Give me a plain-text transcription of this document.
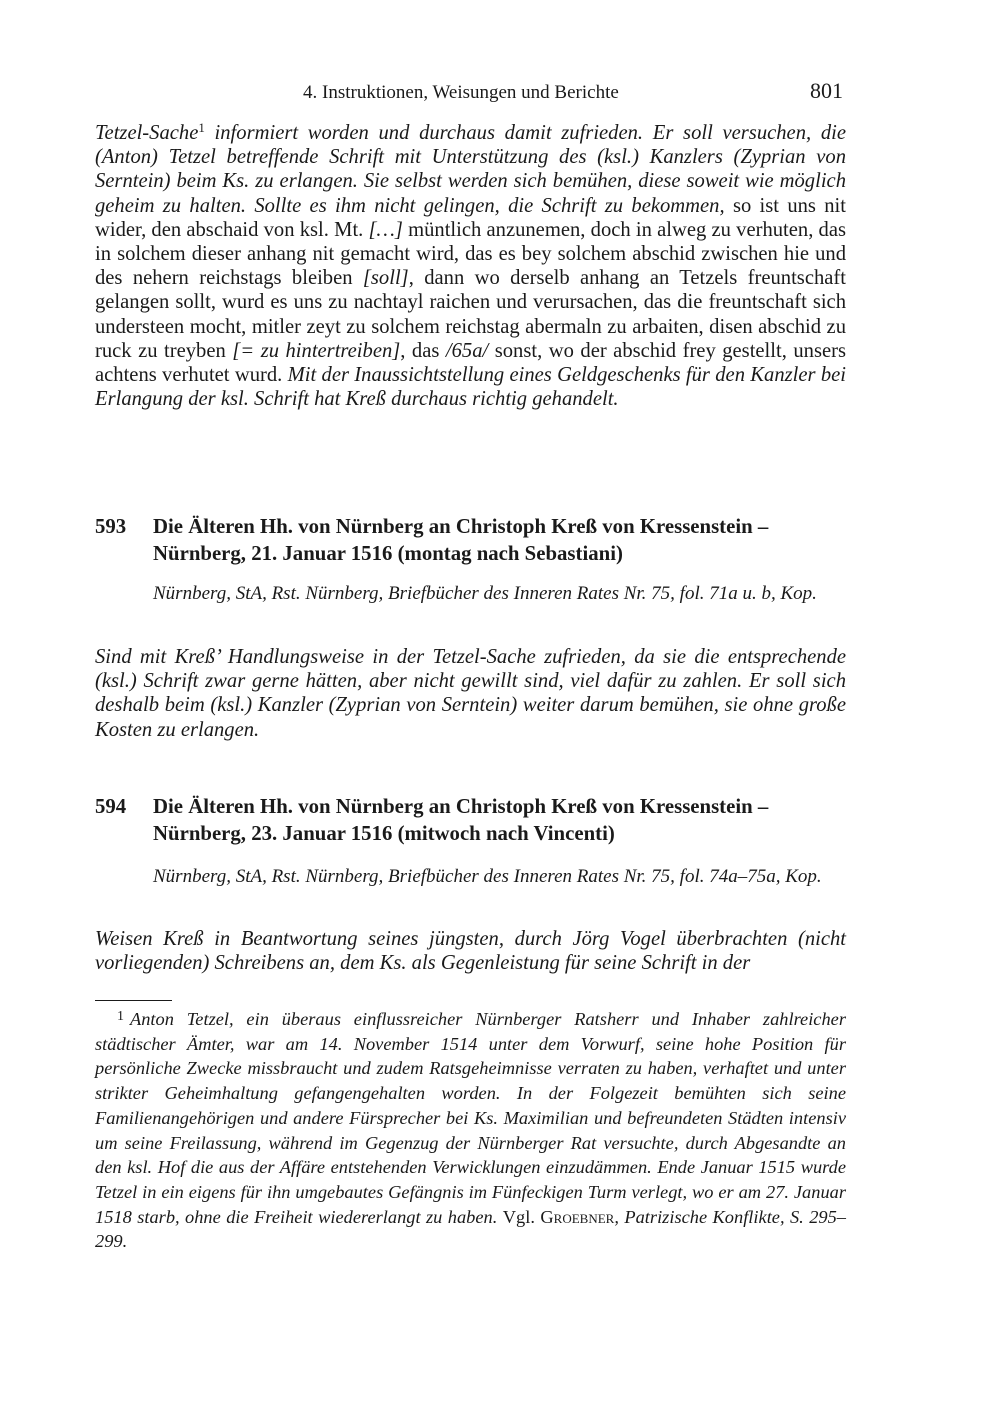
4. Instruktionen, Weisungen und Berichte	801
Tetzel-Sache$^1$ informiert worden und durchaus damit zufrieden. Er soll versuchen, die (Anton) Tetzel betreffende Schrift mit Unterstützung des (ksl.) Kanzlers (Zyprian von Serntein) beim Ks. zu erlangen. Sie selbst werden sich bemühen, diese soweit wie möglich geheim zu halten. Sollte es ihm nicht gelingen, die Schrift zu bekommen, so ist uns nit wider, den abschaid von ksl. Mt. […] müntlich anzunemen, doch in alweg zu verhuten, das in solchem dieser anhang nit gemacht wird, das es bey solchem abschid zwischen hie und des nehern reichstags bleiben [soll], dann wo derselb anhang an Tetzels freuntschaft gelangen sollt, wurd es uns zu nachtayl raichen und verursachen, das die freuntschaft sich understeen mocht, mitler zeyt zu solchem reichstag abermaln zu arbaiten, disen abschid zu ruck zu treyben [= zu hintertreiben], das /65a/ sonst, wo der abschid frey gestellt, unsers achtens verhutet wurd. Mit der Inaussichtstellung eines Geldgeschenks für den Kanzler bei Erlangung der ksl. Schrift hat Kreß durchaus richtig gehandelt.
593 Die Älteren Hh. von Nürnberg an Christoph Kreß von Kressenstein – Nürnberg, 21. Januar 1516 (montag nach Sebastiani)
Nürnberg, StA, Rst. Nürnberg, Briefbücher des Inneren Rates Nr. 75, fol. 71a u. b, Kop.
Sind mit Kreß’ Handlungsweise in der Tetzel-Sache zufrieden, da sie die entsprechende (ksl.) Schrift zwar gerne hätten, aber nicht gewillt sind, viel dafür zu zahlen. Er soll sich deshalb beim (ksl.) Kanzler (Zyprian von Serntein) weiter darum bemühen, sie ohne große Kosten zu erlangen.
594 Die Älteren Hh. von Nürnberg an Christoph Kreß von Kressenstein – Nürnberg, 23. Januar 1516 (mitwoch nach Vincenti)
Nürnberg, StA, Rst. Nürnberg, Briefbücher des Inneren Rates Nr. 75, fol. 74a–75a, Kop.
Weisen Kreß in Beantwortung seines jüngsten, durch Jörg Vogel überbrachten (nicht vorliegenden) Schreibens an, dem Ks. als Gegenleistung für seine Schrift in der
$^1$ Anton Tetzel, ein überaus einflussreicher Nürnberger Ratsherr und Inhaber zahlreicher städtischer Ämter, war am 14. November 1514 unter dem Vorwurf, seine hohe Position für persönliche Zwecke missbraucht und zudem Ratsgeheimnisse verraten zu haben, verhaftet und unter strikter Geheimhaltung gefangengehalten worden. In der Folgezeit bemühten sich seine Familienangehörigen und andere Fürsprecher bei Ks. Maximilian und befreundeten Städten intensiv um seine Freilassung, während im Gegenzug der Nürnberger Rat versuchte, durch Abgesandte an den ksl. Hof die aus der Affäre entstehenden Verwicklungen einzudämmen. Ende Januar 1515 wurde Tetzel in ein eigens für ihn umgebautes Gefängnis im Fünfeckigen Turm verlegt, wo er am 27. Januar 1518 starb, ohne die Freiheit wiedererlangt zu haben. Vgl. Groebner, Patrizische Konflikte, S. 295–299.
